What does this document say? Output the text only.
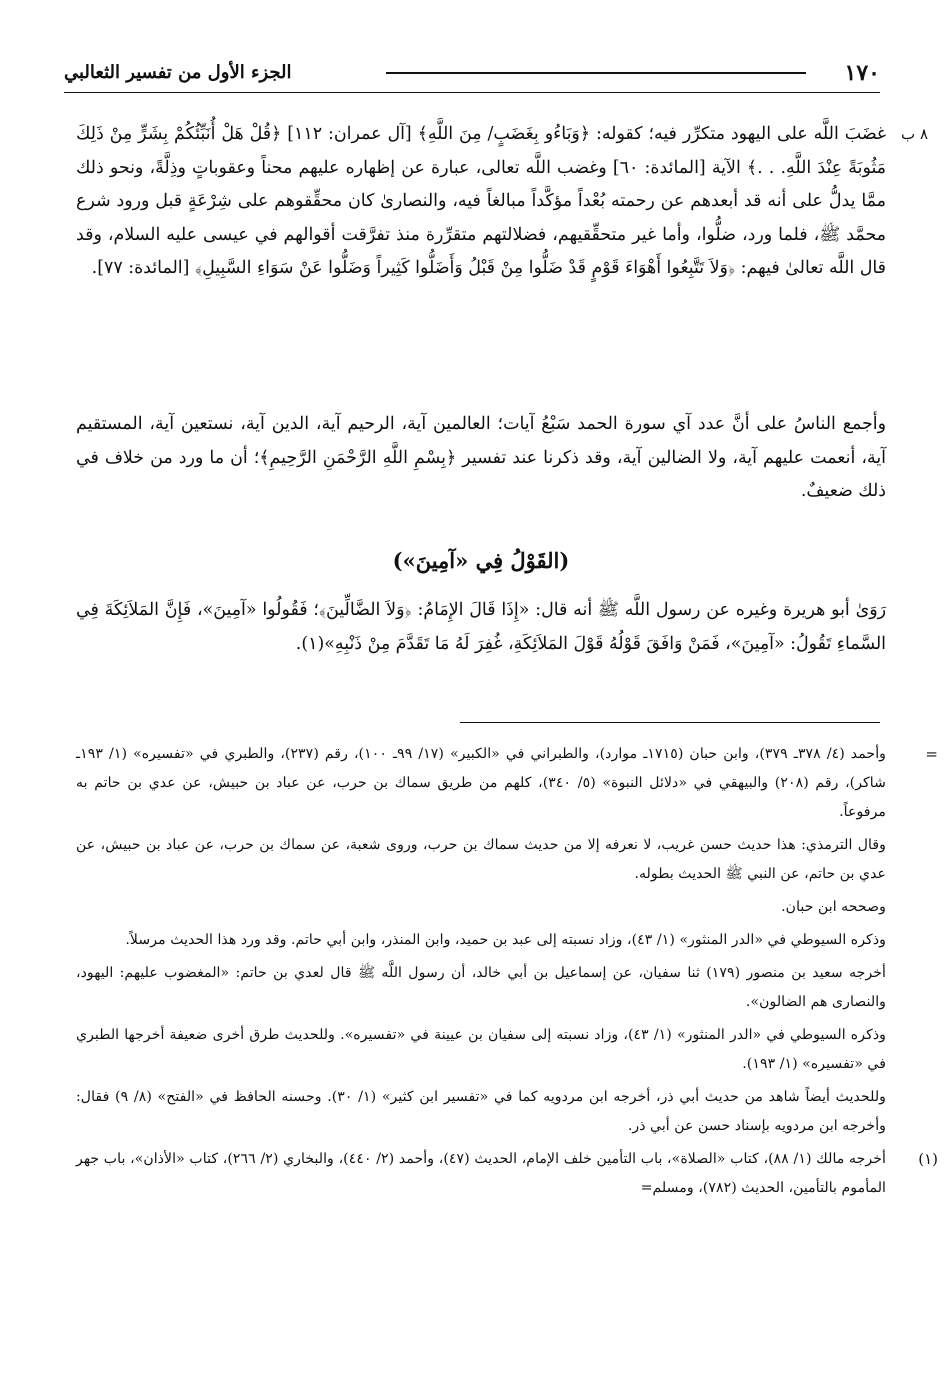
١٧٠
الجزء الأول من تفسير الثعالبي
٨ ب
غضَبَ اللَّه على اليهود متكرِّر فيه؛ كقوله: ﴿وَبَاءُو بِغَضَبٍ/ مِنَ اللَّهِ﴾ [آل عمران: ١١٢] ﴿قُلْ هَلْ أُنَبِّئُكُمْ بِشَرٍّ مِنْ ذَلِكَ مَثُوبَةً عِنْدَ اللَّهِ. . .﴾ الآية [المائدة: ٦٠] وغضب اللَّه تعالى، عبارة عن إظهاره عليهم محناً وعقوباتٍ وذِلَّةً، ونحو ذلك ممَّا يدلُّ على أنه قد أبعدهم عن رحمته بُعْداً مؤكَّداً مبالغاً فيه، والنصارىٰ كان محقِّقوهم على شِرْعَةٍ قبل ورود شرع محمَّد ﷺ، فلما ورد، ضلُّوا، وأما غير متحقِّقيهم، فضلالتهم متقرِّرة منذ تفرَّقت أقوالهم في عيسى عليه السلام، وقد قال اللَّه تعالىٰ فيهم: ﴿وَلاَ تَتَّبِعُوا أَهْوَاءَ قَوْمٍ قَدْ ضَلُّوا مِنْ قَبْلُ وَأَضَلُّوا كَثِيراً وَضَلُّوا عَنْ سَوَاءِ السَّبِيلِ﴾ [المائدة: ٧٧].
وأجمع الناسُ على أنَّ عدد آي سورة الحمد سَبْعُ آيات؛ العالمين آية، الرحيم آية، الدين آية، نستعين آية، المستقيم آية، أنعمت عليهم آية، ولا الضالين آية، وقد ذكرنا عند تفسير ﴿بِسْمِ اللَّهِ الرَّحْمَنِ الرَّحِيمِ﴾؛ أن ما ورد من خلاف في ذلك ضعيفٌ.
(القَوْلُ فِي «آمِينَ»)
رَوَىٰ أبو هريرة وغيره عن رسول اللَّه ﷺ أنه قال: «إِذَا قَالَ الإِمَامُ: ﴿وَلاَ الضَّالِّينَ﴾؛ فَقُولُوا «آمِينَ»، فَإِنَّ المَلاَئِكَةَ فِي السَّماءِ تَقُولُ: «آمِينَ»، فَمَنْ وَافَقَ قَوْلُهُ قَوْلَ المَلاَئِكَةِ، غُفِرَ لَهُ مَا تَقَدَّمَ مِنْ ذَنْبِهِ»(١).
=
وأحمد (٤/ ٣٧٨ـ ٣٧٩)، وابن حبان (١٧١٥ـ موارد)، والطبراني في «الكبير» (١٧/ ٩٩ـ ١٠٠)، رقم (٢٣٧)، والطبري في «تفسيره» (١/ ١٩٣ـ شاكر)، رقم (٢٠٨) والبيهقي في «دلائل النبوة» (٥/ ٣٤٠)، كلهم من طريق سماك بن حرب، عن عباد بن حبيش، عن عدي بن حاتم به مرفوعاً.
وقال الترمذي: هذا حديث حسن غريب، لا نعرفه إلا من حديث سماك بن حرب، وروى شعبة، عن سماك بن حرب، عن عباد بن حبيش، عن عدي بن حاتم، عن النبي ﷺ الحديث بطوله.
وصححه ابن حبان.
وذكره السيوطي في «الدر المنثور» (١/ ٤٣)، وزاد نسبته إلى عبد بن حميد، وابن المنذر، وابن أبي حاتم. وقد ورد هذا الحديث مرسلاً.
أخرجه سعيد بن منصور (١٧٩) ثنا سفيان، عن إسماعيل بن أبي خالد، أن رسول اللَّه ﷺ قال لعدي بن حاتم: «المغضوب عليهم: اليهود، والنصارى هم الضالون».
وذكره السيوطي في «الدر المنثور» (١/ ٤٣)، وزاد نسبته إلى سفيان بن عيينة في «تفسيره». وللحديث طرق أخرى ضعيفة أخرجها الطبري في «تفسيره» (١/ ١٩٣).
وللحديث أيضاً شاهد من حديث أبي ذر، أخرجه ابن مردويه كما في «تفسير ابن كثير» (١/ ٣٠). وحسنه الحافظ في «الفتح» (٨/ ٩) فقال: وأخرجه ابن مردويه بإسناد حسن عن أبي ذر.
(١)
أخرجه مالك (١/ ٨٨)، كتاب «الصلاة»، باب التأمين خلف الإمام، الحديث (٤٧)، وأحمد (٢/ ٤٤٠)، والبخاري (٢/ ٢٦٦)، كتاب «الأذان»، باب جهر المأموم بالتأمين، الحديث (٧٨٢)، ومسلم=
